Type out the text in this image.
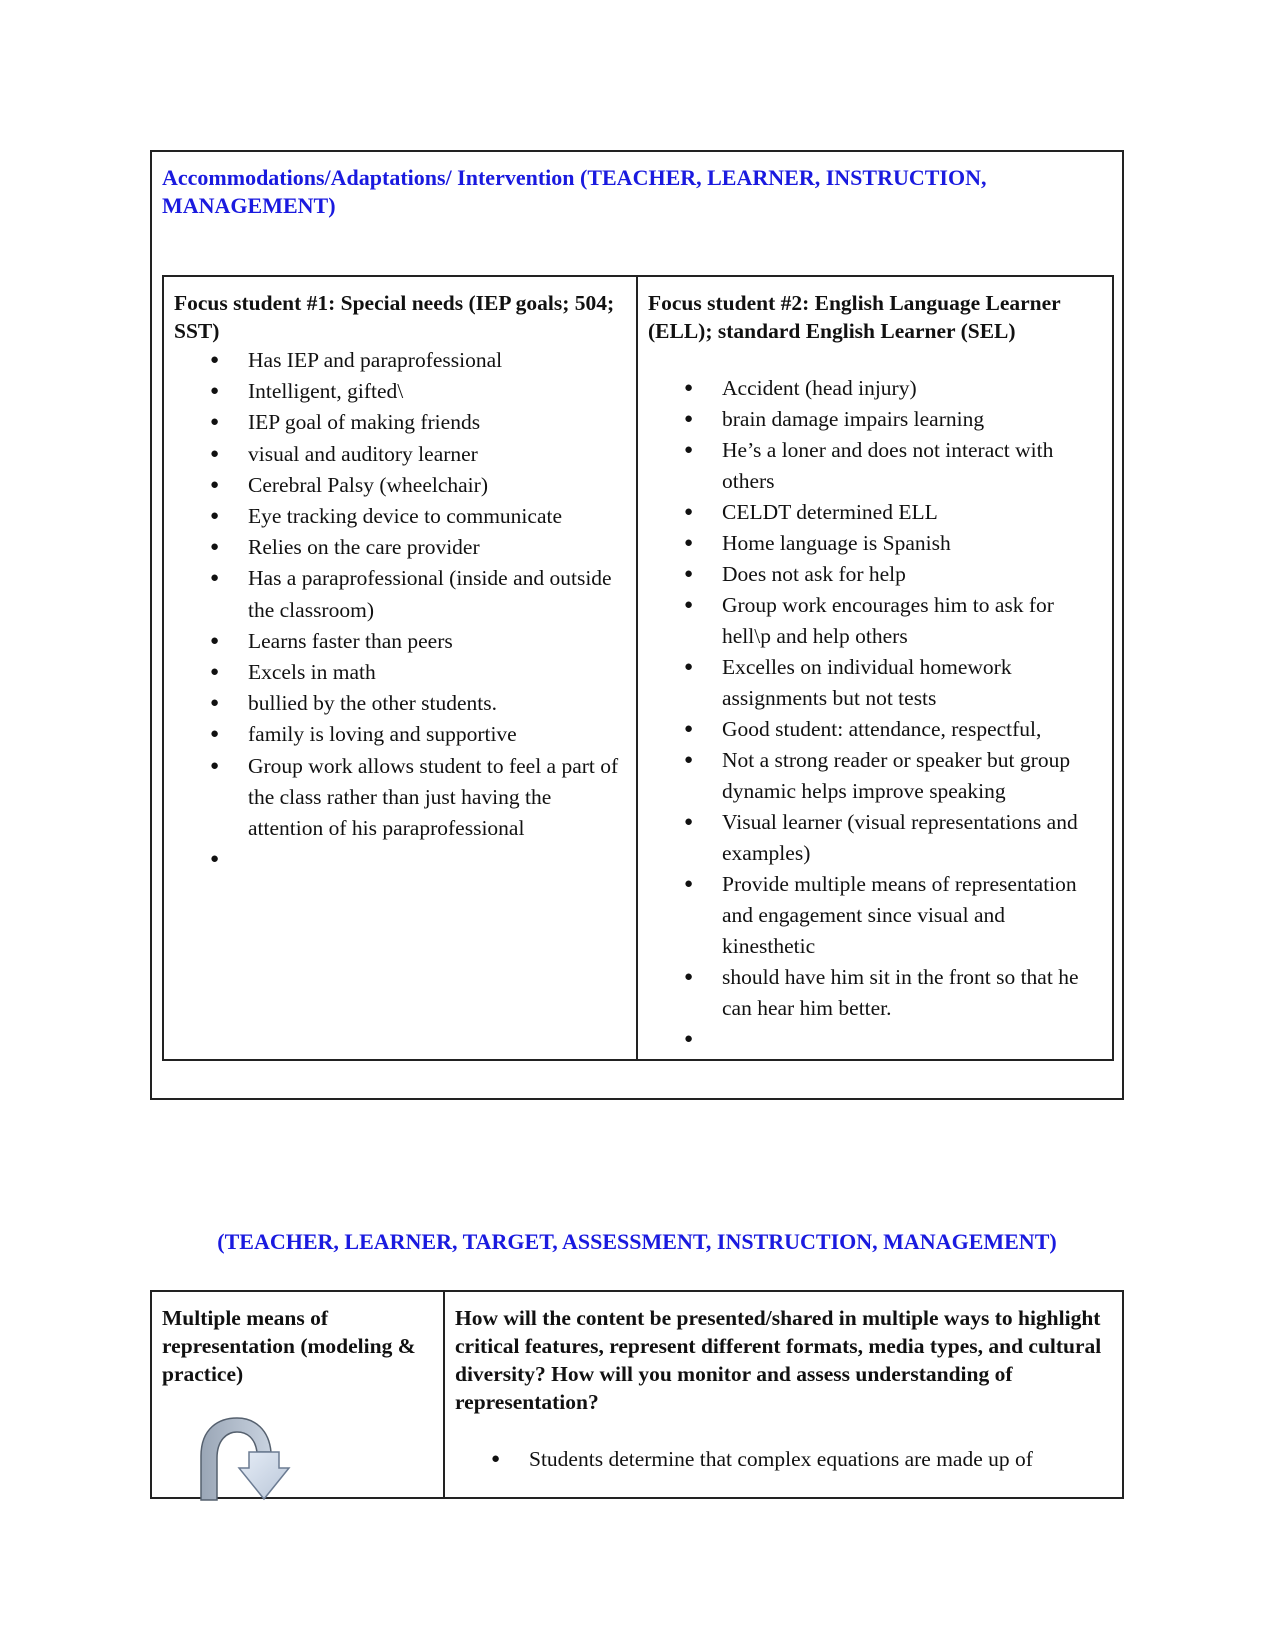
Accommodations/Adaptations/ Intervention (TEACHER, LEARNER, INSTRUCTION, MANAGEMENT)
Focus student #1: Special needs (IEP goals; 504; SST)
● Has IEP and paraprofessional
● Intelligent, gifted\
● IEP goal of making friends
● visual and auditory learner
● Cerebral Palsy (wheelchair)
● Eye tracking device to communicate
● Relies on the care provider
● Has a paraprofessional (inside and outside the classroom)
● Learns faster than peers
● Excels in math
● bullied by the other students.
● family is loving and supportive
● Group work allows student to feel a part of the class rather than just having the attention of his paraprofessional
●
Focus student #2: English Language Learner (ELL); standard English Learner (SEL)
● Accident (head injury)
● brain damage impairs learning
● He’s a loner and does not interact with others
● CELDT determined ELL
● Home language is Spanish
● Does not ask for help
● Group work encourages him to ask for hell\p and help others
● Excelles on individual homework assignments but not tests
● Good student: attendance, respectful,
● Not a strong reader or speaker but group dynamic helps improve speaking
● Visual learner (visual representations and examples)
● Provide multiple means of representation and engagement since visual and kinesthetic
● should have him sit in the front so that he can hear him better.
●
(TEACHER, LEARNER, TARGET, ASSESSMENT, INSTRUCTION, MANAGEMENT)
Multiple means of representation (modeling & practice)
How will the content be presented/shared in multiple ways to highlight critical features, represent different formats, media types, and cultural diversity? How will you monitor and assess understanding of representation?
● Students determine that complex equations are made up of
